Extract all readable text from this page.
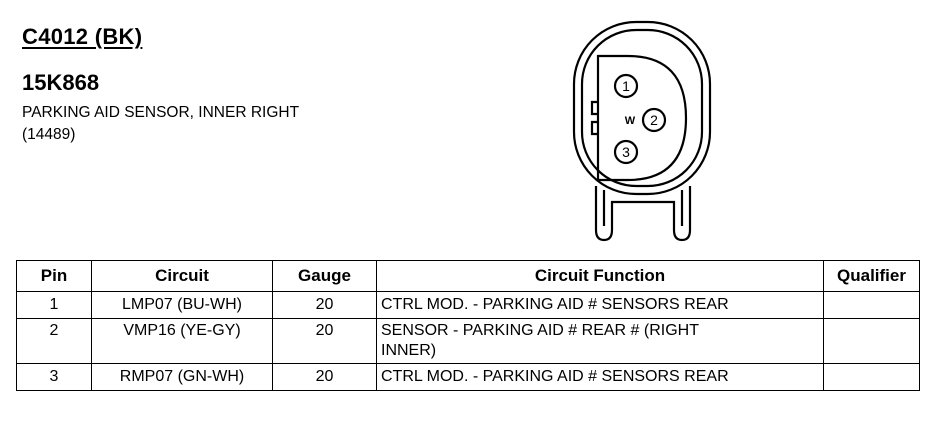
C4012 (BK)
15K868
PARKING AID SENSOR, INNER RIGHT
(14489)
1
2
3
W
Pin	Circuit	Gauge	Circuit Function	Qualifier
1	LMP07 (BU-WH)	20	CTRL MOD. - PARKING AID # SENSORS REAR	
2	VMP16 (YE-GY)	20	SENSOR - PARKING AID # REAR # (RIGHT
INNER)	

3	RMP07 (GN-WH)	20	CTRL MOD. - PARKING AID # SENSORS REAR	
